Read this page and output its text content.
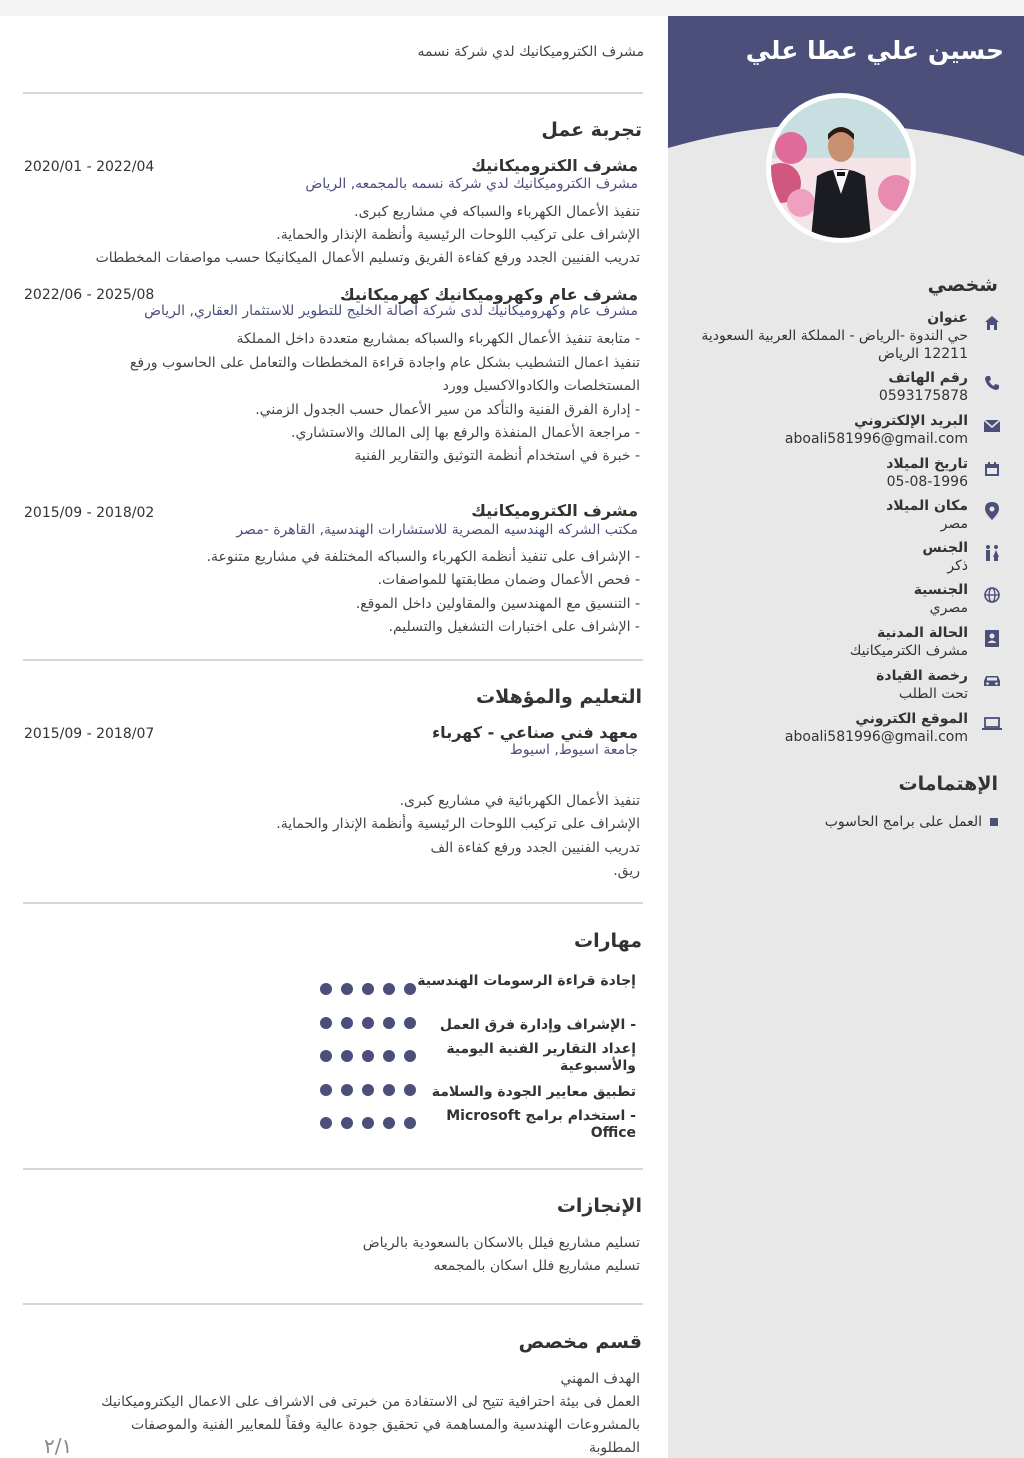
حسين علي عطا علي
شخصي
عنوان
حي الندوة -الرياض - المملكة العربية السعودية
12211 الرياض
رقم الهاتف
0593175878
البريد الإلكتروني
aboali581996@gmail.com
تاريخ الميلاد
05-08-1996
مكان الميلاد
مصر
الجنس
ذكر
الجنسية
مصري
الحالة المدنية
مشرف الكترميكانيك
رخصة القيادة
تحت الطلب
الموقع الكتروني
aboali581996@gmail.com
الإهتمامات
العمل على برامج الحاسوب
مشرف الكتروميكانيك لدي شركة نسمه
تجربة عمل
مشرف الكتروميكانيك
2020/01 - 2022/04
مشرف الكتروميكانيك لدي شركة نسمه بالمجمعه, الرياض
تنفيذ الأعمال الكهرباء والسباكه في مشاريع كبرى.
الإشراف على تركيب اللوحات الرئيسية وأنظمة الإنذار والحماية.
تدريب الفنيين الجدد ورفع كفاءة الفريق وتسليم الأعمال الميكانيكا حسب مواصفات المخططات
مشرف عام وكهروميكانيك كهرميكانيك
2022/06 - 2025/08
مشرف عام وكهروميكانيك لدى شركة أصالة الخليج للتطوير للاستثمار العقاري, الرياض
- متابعة تنفيذ الأعمال الكهرباء والسباكه بمشاريع متعددة داخل المملكة
تنفيذ اعمال التشطيب بشكل عام واجادة قراءة المخططات والتعامل على الحاسوب ورفع
المستخلصات والكادوالاكسيل وورد
- إدارة الفرق الفنية والتأكد من سير الأعمال حسب الجدول الزمني.
- مراجعة الأعمال المنفذة والرفع بها إلى المالك والاستشاري.
- خبرة في استخدام أنظمة التوثيق والتقارير الفنية
مشرف الكتروميكانيك
2015/09 - 2018/02
مكتب الشركه الهندسيه المصرية للاستشارات الهندسية, القاهرة -مصر
- الإشراف على تنفيذ أنظمة الكهرباء والسباكه المختلفة في مشاريع متنوعة.
- فحص الأعمال وضمان مطابقتها للمواصفات.
- التنسيق مع المهندسين والمقاولين داخل الموقع.
- الإشراف على اختبارات التشغيل والتسليم.
التعليم والمؤهلات
معهد فني صناعي - كهرباء
2015/09 - 2018/07
جامعة اسيوط, اسيوط
تنفيذ الأعمال الكهربائية في مشاريع كبرى.
الإشراف على تركيب اللوحات الرئيسية وأنظمة الإنذار والحماية.
تدريب الفنيين الجدد ورفع كفاءة الف
ريق.
مهارات
إجادة قراءة الرسومات الهندسية
- الإشراف وإدارة فرق العمل
إعداد التقارير الفنية اليومية والأسبوعية
تطبيق معايير الجودة والسلامة
- استخدام برامج Microsoft Office
الإنجازات
تسليم مشاريع فيلل بالاسكان بالسعودية بالرياض
تسليم مشاريع فلل اسكان بالمجمعه
قسم مخصص
الهدف المهني
العمل فى بيئة احترافية تتيح لى الاستفادة من خبرتى فى الاشراف على الاعمال اليكتروميكانيك
بالمشروعات الهندسية والمساهمة في تحقيق جودة عالية وفقاً للمعايير الفنية والموصفات
المطلوبة
٢/١
